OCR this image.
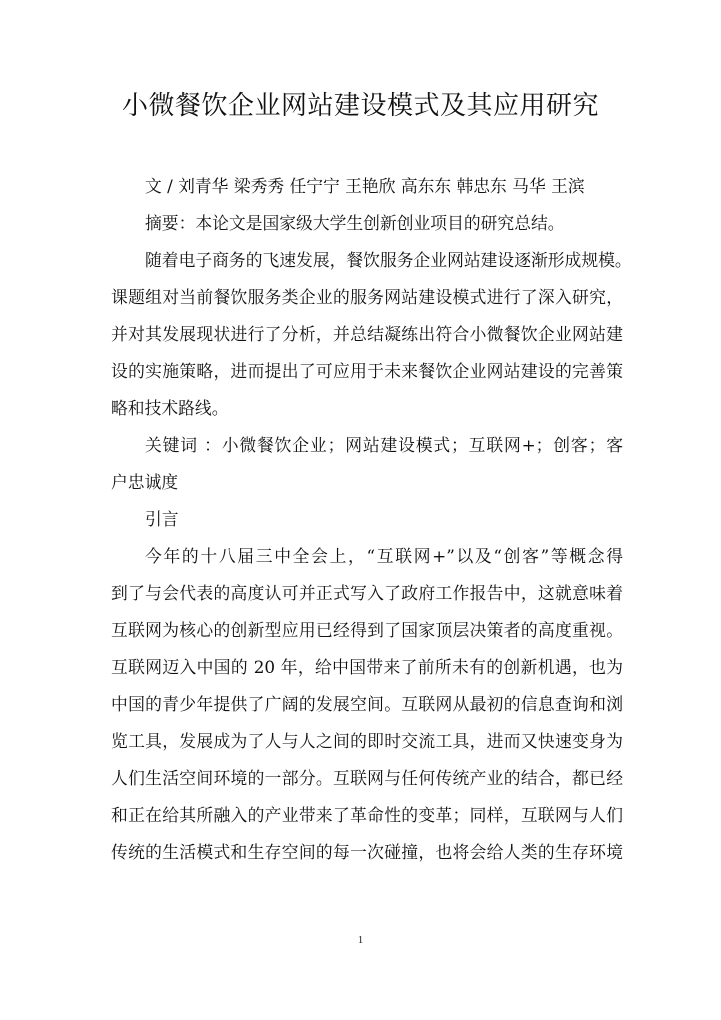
小微餐饮企业网站建设模式及其应用研究
文 / 刘青华 梁秀秀 任宁宁 王艳欣 高东东 韩忠东 马华 王滨
摘要：本论文是国家级大学生创新创业项目的研究总结。
随着电子商务的飞速发展，餐饮服务企业网站建设逐渐形成规模。
课题组对当前餐饮服务类企业的服务网站建设模式进行了深入研究，
并对其发展现状进行了分析，并总结凝练出符合小微餐饮企业网站建
设的实施策略，进而提出了可应用于未来餐饮企业网站建设的完善策
略和技术路线。
关键词 ：小微餐饮企业；网站建设模式；互联网+；创客；客
户忠诚度
引言
今年的十八届三中全会上，“互联网+”以及“创客”等概念得
到了与会代表的高度认可并正式写入了政府工作报告中，这就意味着
互联网为核心的创新型应用已经得到了国家顶层决策者的高度重视。
互联网迈入中国的 20 年，给中国带来了前所未有的创新机遇，也为
中国的青少年提供了广阔的发展空间。互联网从最初的信息查询和浏
览工具，发展成为了人与人之间的即时交流工具，进而又快速变身为
人们生活空间环境的一部分。互联网与任何传统产业的结合，都已经
和正在给其所融入的产业带来了革命性的变革；同样，互联网与人们
传统的生活模式和生存空间的每一次碰撞，也将会给人类的生存环境
1
